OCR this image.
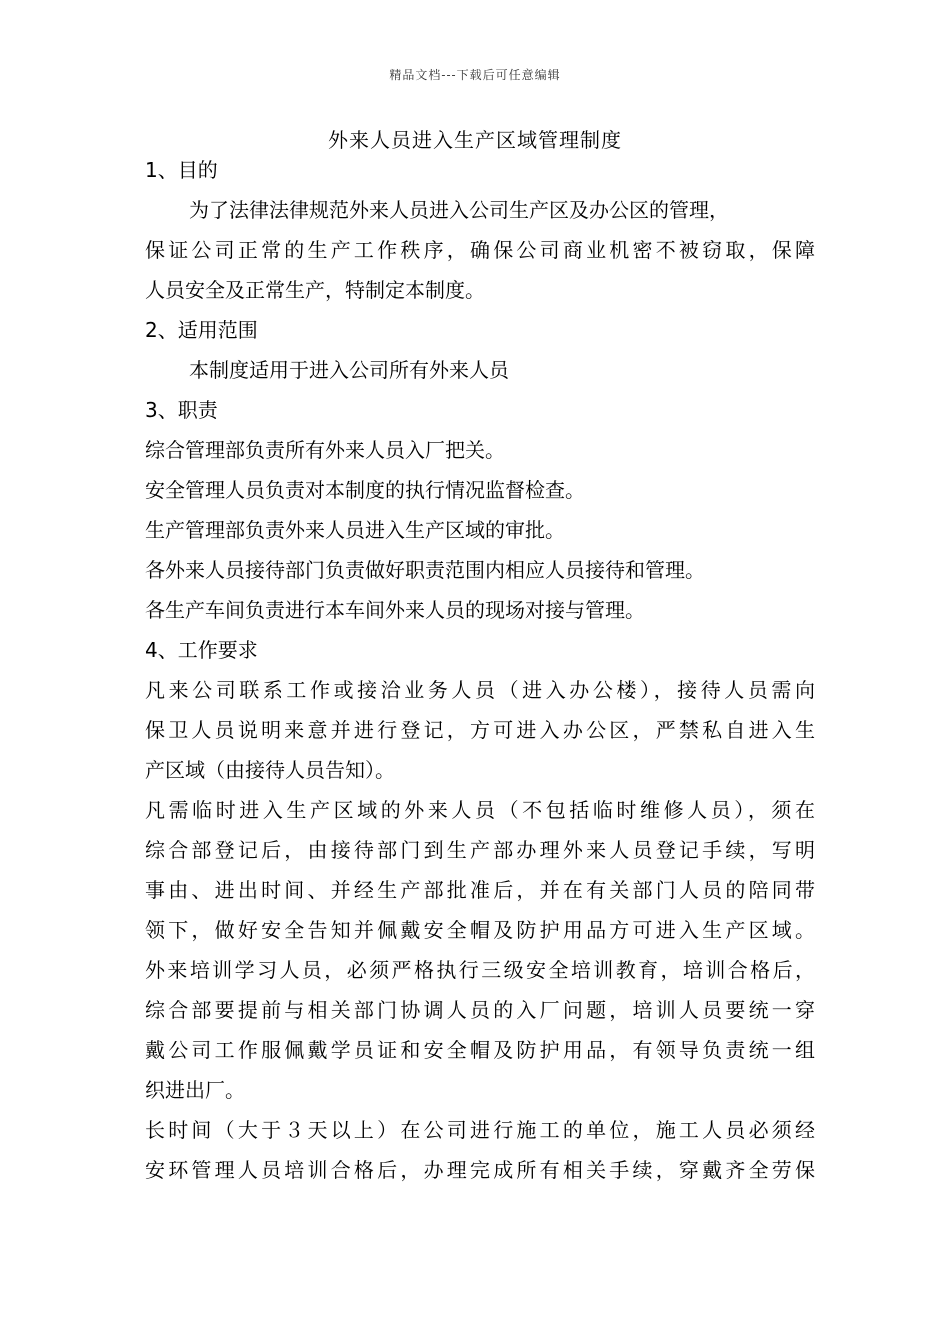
精品文档---下载后可任意编辑
外来人员进入生产区域管理制度
1、目的
为了法律法律规范外来人员进入公司生产区及办公区的管理，
保证公司正常的生产工作秩序，确保公司商业机密不被窃取，保障
人员安全及正常生产，特制定本制度。
2、适用范围
本制度适用于进入公司所有外来人员
3、职责
综合管理部负责所有外来人员入厂把关。
安全管理人员负责对本制度的执行情况监督检查。
生产管理部负责外来人员进入生产区域的审批。
各外来人员接待部门负责做好职责范围内相应人员接待和管理。
各生产车间负责进行本车间外来人员的现场对接与管理。
4、工作要求
凡来公司联系工作或接洽业务人员（进入办公楼），接待人员需向
保卫人员说明来意并进行登记，方可进入办公区，严禁私自进入生
产区域（由接待人员告知）。
凡需临时进入生产区域的外来人员（不包括临时维修人员），须在
综合部登记后，由接待部门到生产部办理外来人员登记手续，写明
事由、进出时间、并经生产部批准后，并在有关部门人员的陪同带
领下，做好安全告知并佩戴安全帽及防护用品方可进入生产区域。
外来培训学习人员，必须严格执行三级安全培训教育，培训合格后，
综合部要提前与相关部门协调人员的入厂问题，培训人员要统一穿
戴公司工作服佩戴学员证和安全帽及防护用品，有领导负责统一组
织进出厂。
长时间（大于３天以上）在公司进行施工的单位，施工人员必须经
安环管理人员培训合格后，办理完成所有相关手续，穿戴齐全劳保
